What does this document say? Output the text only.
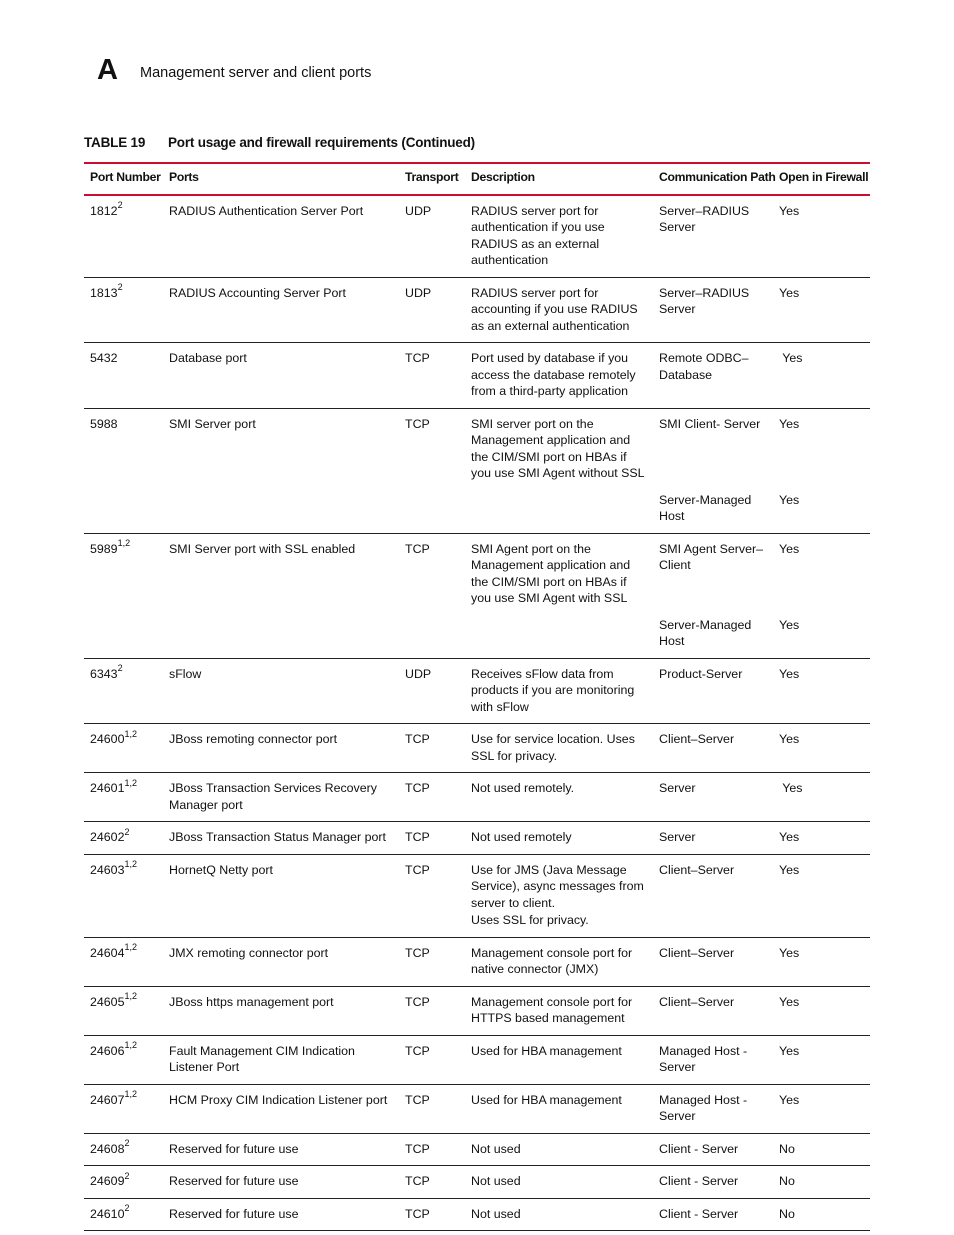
A Management server and client ports
TABLE 19 Port usage and firewall requirements (Continued)
Port Number	Ports	Transport	Description	Communication Path	Open in Firewall
1812$^2$	RADIUS Authentication Server Port	UDP	RADIUS server port for authentication if you use RADIUS as an external authentication	Server–RADIUS Server	Yes
1813$^2$	RADIUS Accounting Server Port	UDP	RADIUS server port for accounting if you use RADIUS as an external authentication	Server–RADIUS Server	Yes
5432	Database port	TCP	Port used by database if you access the database remotely from a third-party application	Remote ODBC–Database	Yes
5988	SMI Server port	TCP	SMI server port on the Management application and the CIM/SMI port on HBAs if you use SMI Agent without SSL	SMI Client- Server	Yes
				Server-Managed Host	Yes
5989$^{1,2}$	SMI Server port with SSL enabled	TCP	SMI Agent port on the Management application and the CIM/SMI port on HBAs if you use SMI Agent with SSL	SMI Agent Server–Client	Yes
				Server-Managed Host	Yes
6343$^2$	sFlow	UDP	Receives sFlow data from products if you are monitoring with sFlow	Product-Server	Yes
24600$^{1,2}$	JBoss remoting connector port	TCP	Use for service location. Uses SSL for privacy.	Client–Server	Yes
24601$^{1,2}$	JBoss Transaction Services Recovery Manager port	TCP	Not used remotely.	Server	Yes
24602$^2$	JBoss Transaction Status Manager port	TCP	Not used remotely	Server	Yes
24603$^{1,2}$	HornetQ Netty port	TCP	Use for JMS (Java Message Service), async messages from server to client.
Uses SSL for privacy.	Client–Server	Yes
24604$^{1,2}$	JMX remoting connector port	TCP	Management console port for native connector (JMX)	Client–Server	Yes
24605$^{1,2}$	JBoss https management port	TCP	Management console port for HTTPS based management	Client–Server	Yes
24606$^{1,2}$	Fault Management CIM Indication Listener Port	TCP	Used for HBA management	Managed Host - Server	Yes
24607$^{1,2}$	HCM Proxy CIM Indication Listener port	TCP	Used for HBA management	Managed Host - Server	Yes
24608$^2$	Reserved for future use	TCP	Not used	Client - Server	No
24609$^2$	Reserved for future use	TCP	Not used	Client - Server	No
24610$^2$	Reserved for future use	TCP	Not used	Client - Server	No
